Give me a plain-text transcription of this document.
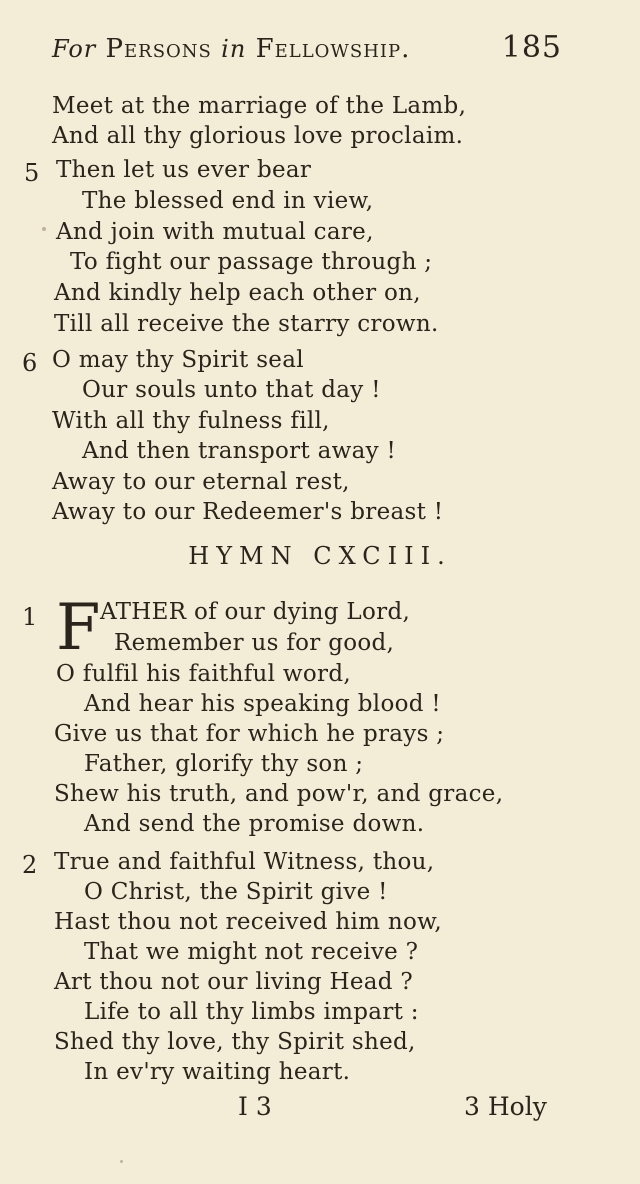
For Persons in Fellowship.	185
Meet at the marriage of the Lamb,
And all thy glorious love proclaim.
5 Then let us ever bear
The blessed end in view,
And join with mutual care,
To fight our passage through ;
And kindly help each other on,
Till all receive the starry crown.
6 O may thy Spirit seal
Our souls unto that day !
With all thy fulness fill,
And then transport away !
Away to our eternal rest,
Away to our Redeemer's breast !
HYMN CXCIII.
1 F ATHER of our dying Lord,
Remember us for good,
O fulfil his faithful word,
And hear his speaking blood !
Give us that for which he prays ;
Father, glorify thy son ;
Shew his truth, and pow'r, and grace,
And send the promise down.
2 True and faithful Witness, thou,
O Christ, the Spirit give !
Hast thou not received him now,
That we might not receive ?
Art thou not our living Head ?
Life to all thy limbs impart :
Shed thy love, thy Spirit shed,
In ev'ry waiting heart.
I 3	3 Holy
